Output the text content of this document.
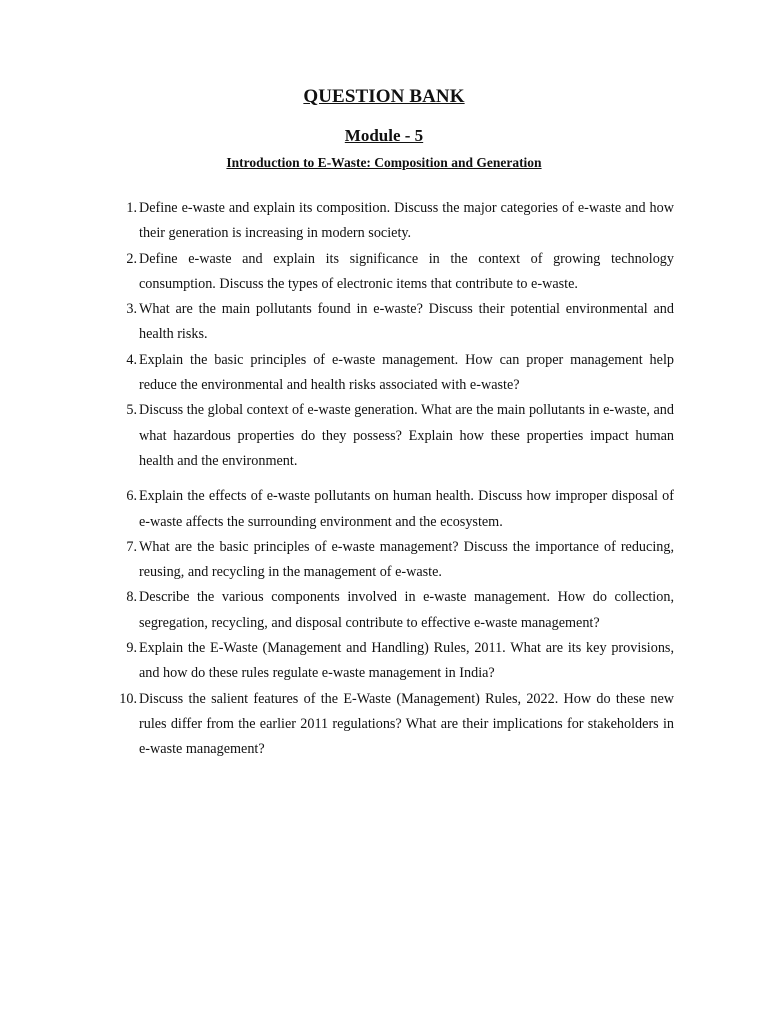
QUESTION BANK
Module - 5
Introduction to E-Waste: Composition and Generation
1. Define e-waste and explain its composition. Discuss the major categories of e-waste and how their generation is increasing in modern society.
2. Define e-waste and explain its significance in the context of growing technology consumption. Discuss the types of electronic items that contribute to e-waste.
3. What are the main pollutants found in e-waste? Discuss their potential environmental and health risks.
4. Explain the basic principles of e-waste management. How can proper management help reduce the environmental and health risks associated with e-waste?
5. Discuss the global context of e-waste generation. What are the main pollutants in e-waste, and what hazardous properties do they possess? Explain how these properties impact human health and the environment.
6. Explain the effects of e-waste pollutants on human health. Discuss how improper disposal of e-waste affects the surrounding environment and the ecosystem.
7. What are the basic principles of e-waste management? Discuss the importance of reducing, reusing, and recycling in the management of e-waste.
8. Describe the various components involved in e-waste management. How do collection, segregation, recycling, and disposal contribute to effective e-waste management?
9. Explain the E-Waste (Management and Handling) Rules, 2011. What are its key provisions, and how do these rules regulate e-waste management in India?
10. Discuss the salient features of the E-Waste (Management) Rules, 2022. How do these new rules differ from the earlier 2011 regulations? What are their implications for stakeholders in e-waste management?
